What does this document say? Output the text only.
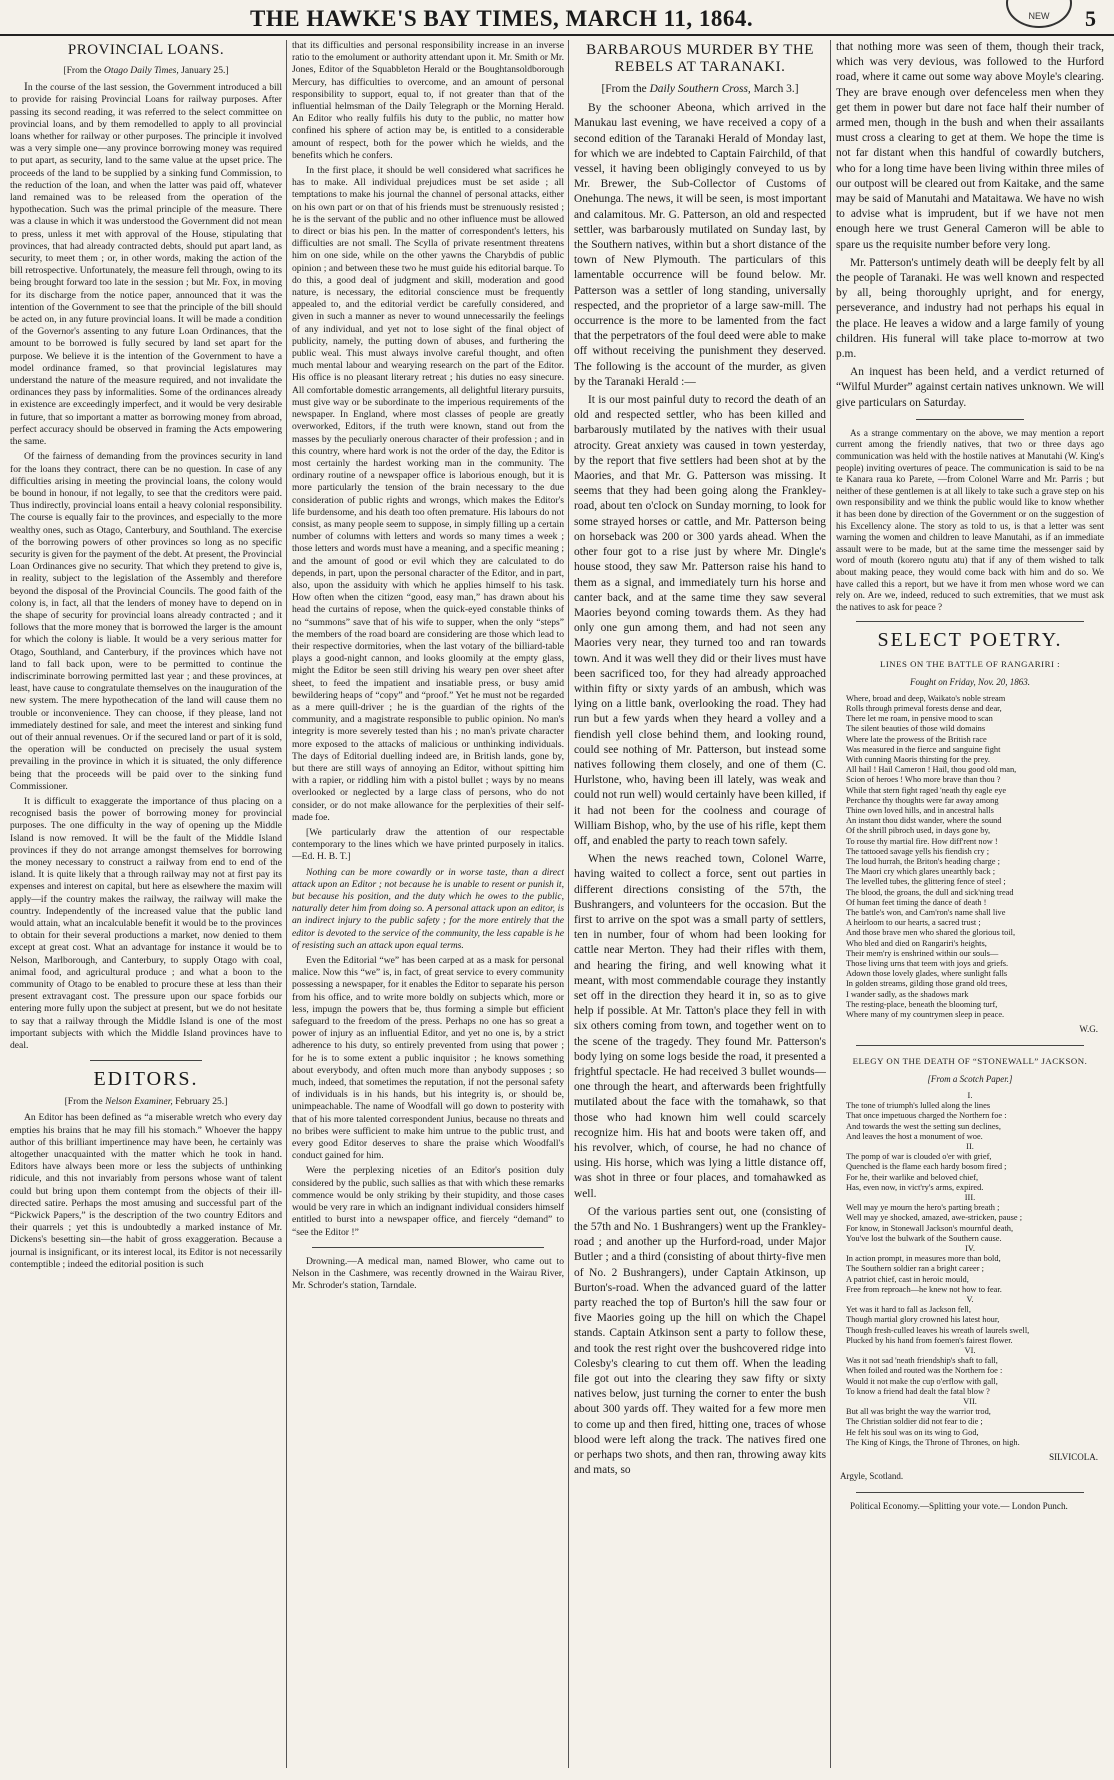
THE HAWKE'S BAY TIMES, MARCH 11, 1864.	NEW	5
PROVINCIAL LOANS.
[From the Otago Daily Times, January 25.]

In the course of the last session, the Government introduced a bill to provide for raising Provincial Loans for railway purposes. After passing its second reading, it was referred to the select committee on provincial loans, and by them remodelled to apply to all provincial loans whether for railway or other purposes. The principle it involved was a very simple one—any province borrowing money was required to put apart, as security, land to the same value at the upset price. The proceeds of the land to be supplied by a sinking fund Commission, to the reduction of the loan, and when the latter was paid off, whatever land remained was to be released from the operation of the hypothecation. Such was the primal principle of the measure. There was a clause in which it was understood the Government did not mean to press, unless it met with approval of the House, stipulating that provinces, that had already contracted debts, should put apart land, as security, to meet them ; or, in other words, making the action of the bill retrospective. Unfortunately, the measure fell through, owing to its being brought forward too late in the session ; but Mr. Fox, in moving for its discharge from the notice paper, announced that it was the intention of the Government to see that the principle of the bill should be acted on, in any future provincial loans. It will be made a condition of the Governor's assenting to any future Loan Ordinances, that the amount to be borrowed is fully secured by land set apart for the purpose. We believe it is the intention of the Government to have a model ordinance framed, so that provincial legislatures may understand the nature of the measure required, and not invalidate the ordinances they pass by informalities. Some of the ordinances already in existence are exceedingly imperfect, and it would be very desirable in future, that so important a matter as borrowing money from abroad, perfect accuracy should be observed in framing the Acts empowering the same.

Of the fairness of demanding from the provinces security in land for the loans they contract, there can be no question. In case of any difficulties arising in meeting the provincial loans, the colony would be bound in honour, if not legally, to see that the creditors were paid. Thus indirectly, provincial loans entail a heavy colonial responsibility. The course is equally fair to the provinces, and especially to the more wealthy ones, such as Otago, Canterbury, and Southland. The exercise of the borrowing powers of other provinces so long as no specific security is given for the payment of the debt. At present, the Provincial Loan Ordinances give no security. That which they pretend to give is, in reality, subject to the legislation of the Assembly and therefore beyond the disposal of the Provincial Councils. The good faith of the colony is, in fact, all that the lenders of money have to depend on in the shape of security for provincial loans already contracted ; and it follows that the more money that is borrowed the larger is the amount for which the colony is liable. It would be a very serious matter for Otago, Southland, and Canterbury, if the provinces which have not land to fall back upon, were to be permitted to continue the indiscriminate borrowing permitted last year ; and these provinces, at least, have cause to congratulate themselves on the inauguration of the new system. The mere hypothecation of the land will cause them no trouble or inconvenience. They can choose, if they please, land not immediately destined for sale, and meet the interest and sinking fund out of their annual revenues. Or if the secured land or part of it is sold, the operation will be conducted on precisely the usual system prevailing in the province in which it is situated, the only difference being that the proceeds will be paid over to the sinking fund Commissioner.

It is difficult to exaggerate the importance of thus placing on a recognised basis the power of borrowing money for provincial purposes. The one difficulty in the way of opening up the Middle Island is now removed. It will be the fault of the Middle Island provinces if they do not arrange amongst themselves for borrowing the money necessary to construct a railway from end to end of the island. It is quite likely that a through railway may not at first pay its expenses and interest on capital, but here as elsewhere the maxim will apply—if the country makes the railway, the railway will make the country. Independently of the increased value that the public land would attain, what an incalculable benefit it would be to the provinces to obtain for their several productions a market, now denied to them except at great cost. What an advantage for instance it would be to Nelson, Marlborough, and Canterbury, to supply Otago with coal, animal food, and agricultural produce ; and what a boon to the community of Otago to be enabled to procure these at less than their present extravagant cost. The pressure upon our space forbids our entering more fully upon the subject at present, but we do not hesitate to say that a railway through the Middle Island is one of the most important subjects with which the Middle Island provinces have to deal.

EDITORS.
[From the Nelson Examiner, February 25.]

An Editor has been defined as “a miserable wretch who every day empties his brains that he may fill his stomach.” Whoever the happy author of this brilliant impertinence may have been, he certainly was altogether unacquainted with the matter which he took in hand. Editors have always been more or less the subjects of unthinking ridicule, and this not invariably from persons whose want of talent could but bring upon them contempt from the objects of their ill-directed satire. Perhaps the most amusing and successful part of the “Pickwick Papers,” is the description of the two country Editors and their quarrels ; yet this is undoubtedly a marked instance of Mr. Dickens's besetting sin—the habit of gross exaggeration. Because a journal is insignificant, or its interest local, its Editor is not necessarily contemptible ; indeed the editorial position is such

that its difficulties and personal responsibility increase in an inverse ratio to the emolument or authority attendant upon it. Mr. Smith or Mr. Jones, Editor of the Squabbleton Herald or the Boughtansoldborough Mercury, has difficulties to overcome, and an amount of personal responsibility to support, equal to, if not greater than that of the influential helmsman of the Daily Telegraph or the Morning Herald. An Editor who really fulfils his duty to the public, no matter how confined his sphere of action may be, is entitled to a considerable amount of respect, both for the power which he wields, and the benefits which he confers.

In the first place, it should be well considered what sacrifices he has to make. All individual prejudices must be set aside ; all temptations to make his journal the channel of personal attacks, either on his own part or on that of his friends must be strenuously resisted ; he is the servant of the public and no other influence must be allowed to direct or bias his pen. In the matter of correspondent's letters, his difficulties are not small. The Scylla of private resentment threatens him on one side, while on the other yawns the Charybdis of public opinion ; and between these two he must guide his editorial barque. To do this, a good deal of judgment and skill, moderation and good nature, is necessary, the editorial conscience must be frequently appealed to, and the editorial verdict be carefully considered, and given in such a manner as never to wound unnecessarily the feelings of any individual, and yet not to lose sight of the final object of publicity, namely, the putting down of abuses, and furthering the public weal. This must always involve careful thought, and often much mental labour and wearying research on the part of the Editor. His office is no pleasant literary retreat ; his duties no easy sinecure. All comfortable domestic arrangements, all delightful literary pursuits, must give way or be subordinate to the imperious requirements of the newspaper. In England, where most classes of people are greatly overworked, Editors, if the truth were known, stand out from the masses by the peculiarly onerous character of their profession ; and in this country, where hard work is not the order of the day, the Editor is most certainly the hardest working man in the community. The ordinary routine of a newspaper office is laborious enough, but it is more particularly the tension of the brain necessary to the due consideration of public rights and wrongs, which makes the Editor's life burdensome, and his death too often premature. His labours do not consist, as many people seem to suppose, in simply filling up a certain number of columns with letters and words so many times a week ; those letters and words must have a meaning, and a specific meaning ; and the amount of good or evil which they are calculated to do depends, in part, upon the personal character of the Editor, and in part, also, upon the assiduity with which he applies himself to his task. How often when the citizen “good, easy man,” has drawn about his head the curtains of repose, when the quick-eyed constable thinks of no “summons” save that of his wife to supper, when the only “steps” the members of the road board are considering are those which lead to their respective dormitories, when the last votary of the billiard-table plays a good-night cannon, and looks gloomily at the empty glass, might the Editor be seen still driving his weary pen over sheet after sheet, to feed the impatient and insatiable press, or busy amid bewildering heaps of “copy” and “proof.” Yet he must not be regarded as a mere quill-driver ; he is the guardian of the rights of the community, and a magistrate responsible to public opinion. No man's integrity is more severely tested than his ; no man's private character more exposed to the attacks of malicious or unthinking individuals. The days of Editorial duelling indeed are, in British lands, gone by, but there are still ways of annoying an Editor, without spitting him with a rapier, or riddling him with a pistol bullet ; ways by no means overlooked or neglected by a large class of persons, who do not consider, or do not make allowance for the perplexities of their self-made foe.

[We particularly draw the attention of our respectable contemporary to the lines which we have printed purposely in italics.—Ed. H. B. T.]

Nothing can be more cowardly or in worse taste, than a direct attack upon an Editor ; not because he is unable to resent or punish it, but because his position, and the duty which he owes to the public, naturally deter him from doing so. A personal attack upon an editor, is an indirect injury to the public safety ; for the more entirely that the editor is devoted to the service of the community, the less capable is he of resisting such an attack upon equal terms.

Even the Editorial “we” has been carped at as a mask for personal malice. Now this “we” is, in fact, of great service to every community possessing a newspaper, for it enables the Editor to separate his person from his office, and to write more boldly on subjects which, more or less, impugn the powers that be, thus forming a simple but efficient safeguard to the freedom of the press. Perhaps no one has so great a power of injury as an influential Editor, and yet no one is, by a strict adherence to his duty, so entirely prevented from using that power ; for he is to some extent a public inquisitor ; he knows something about everybody, and often much more than anybody supposes ; so much, indeed, that sometimes the reputation, if not the personal safety of individuals is in his hands, but his integrity is, or should be, unimpeachable. The name of Woodfall will go down to posterity with that of his more talented correspondent Junius, because no threats and no bribes were sufficient to make him untrue to the public trust, and every good Editor deserves to share the praise which Woodfall's conduct gained for him.

Were the perplexing niceties of an Editor's position duly considered by the public, such sallies as that with which these remarks commence would be only striking by their stupidity, and those cases would be very rare in which an indignant individual considers himself entitled to burst into a newspaper office, and fiercely “demand” to “see the Editor !”

Drowning.—A medical man, named Blower, who came out to Nelson in the Cashmere, was recently drowned in the Wairau River, Mr. Schroder's station, Tarndale.

BARBAROUS MURDER BY THE REBELS AT TARANAKI.
[From the Daily Southern Cross, March 3.]

By the schooner Abeona, which arrived in the Manukau last evening, we have received a copy of a second edition of the Taranaki Herald of Monday last, for which we are indebted to Captain Fairchild, of that vessel, it having been obligingly conveyed to us by Mr. Brewer, the Sub-Collector of Customs of Onehunga. The news, it will be seen, is most important and calamitous. Mr. G. Patterson, an old and respected settler, was barbarously mutilated on Sunday last, by the Southern natives, within but a short distance of the town of New Plymouth. The particulars of this lamentable occurrence will be found below. Mr. Patterson was a settler of long standing, universally respected, and the proprietor of a large saw-mill. The occurrence is the more to be lamented from the fact that the perpetrators of the foul deed were able to make off without receiving the punishment they deserved. The following is the account of the murder, as given by the Taranaki Herald :—

It is our most painful duty to record the death of an old and respected settler, who has been killed and barbarously mutilated by the natives with their usual atrocity. Great anxiety was caused in town yesterday, by the report that five settlers had been shot at by the Maories, and that Mr. G. Patterson was missing. It seems that they had been going along the Frankley-road, about ten o'clock on Sunday morning, to look for some strayed horses or cattle, and Mr. Patterson being on horseback was 200 or 300 yards ahead. When the other four got to a rise just by where Mr. Dingle's house stood, they saw Mr. Patterson raise his hand to them as a signal, and immediately turn his horse and canter back, and at the same time they saw several Maories beyond coming towards them. As they had only one gun among them, and had not seen any Maories very near, they turned too and ran towards town. And it was well they did or their lives must have been sacrificed too, for they had already approached within fifty or sixty yards of an ambush, which was lying on a little bank, overlooking the road. They had run but a few yards when they heard a volley and a fiendish yell close behind them, and looking round, could see nothing of Mr. Patterson, but instead some natives following them closely, and one of them (C. Hurlstone, who, having been ill lately, was weak and could not run well) would certainly have been killed, if it had not been for the coolness and courage of William Bishop, who, by the use of his rifle, kept them off, and enabled the party to reach town safely.

When the news reached town, Colonel Warre, having waited to collect a force, sent out parties in different directions consisting of the 57th, the Bushrangers, and volunteers for the occasion. But the first to arrive on the spot was a small party of settlers, ten in number, four of whom had been looking for cattle near Merton. They had their rifles with them, and hearing the firing, and well knowing what it meant, with most commendable courage they instantly set off in the direction they heard it in, so as to give help if possible. At Mr. Tatton's place they fell in with six others coming from town, and together went on to the scene of the tragedy. They found Mr. Patterson's body lying on some logs beside the road, it presented a frightful spectacle. He had received 3 bullet wounds—one through the heart, and afterwards been frightfully mutilated about the face with the tomahawk, so that those who had known him well could scarcely recognize him. His hat and boots were taken off, and his revolver, which, of course, he had no chance of using. His horse, which was lying a little distance off, was shot in three or four places, and tomahawked as well.

Of the various parties sent out, one (consisting of the 57th and No. 1 Bushrangers) went up the Frankley-road ; and another up the Hurford-road, under Major Butler ; and a third (consisting of about thirty-five men of No. 2 Bushrangers), under Captain Atkinson, up Burton's-road. When the advanced guard of the latter party reached the top of Burton's hill the saw four or five Maories going up the hill on which the Chapel stands. Captain Atkinson sent a party to follow these, and took the rest right over the bushcovered ridge into Colesby's clearing to cut them off. When the leading file got out into the clearing they saw fifty or sixty natives below, just turning the corner to enter the bush about 300 yards off. They waited for a few more men to come up and then fired, hitting one, traces of whose blood were left along the track. The natives fired one or perhaps two shots, and then ran, throwing away kits and mats, so

that nothing more was seen of them, though their track, which was very devious, was followed to the Hurford road, where it came out some way above Moyle's clearing. They are brave enough over defenceless men when they get them in power but dare not face half their number of armed men, though in the bush and when their assailants must cross a clearing to get at them. We hope the time is not far distant when this handful of cowardly butchers, who for a long time have been living within three miles of our outpost will be cleared out from Kaitake, and the same may be said of Manutahi and Mataitawa. We have no wish to advise what is imprudent, but if we have not men enough here we trust General Cameron will be able to spare us the requisite number before very long.

Mr. Patterson's untimely death will be deeply felt by all the people of Taranaki. He was well known and respected by all, being thoroughly upright, and for energy, perseverance, and industry had not perhaps his equal in the place. He leaves a widow and a large family of young children. His funeral will take place to-morrow at two p.m.

An inquest has been held, and a verdict returned of “Wilful Murder” against certain natives unknown. We will give particulars on Saturday.

As a strange commentary on the above, we may mention a report current among the friendly natives, that two or three days ago communication was held with the hostile natives at Manutahi (W. King's people) inviting overtures of peace. The communication is said to be na te Kanara raua ko Parete, —from Colonel Warre and Mr. Parris ; but neither of these gentlemen is at all likely to take such a grave step on his own responsibility and we think the public would like to know whether it has been done by direction of the Government or on the suggestion of his Excellency alone. The story as told to us, is that a letter was sent warning the women and children to leave Manutahi, as if an immediate assault were to be made, but at the same time the messenger said by word of mouth (korero ngutu atu) that if any of them wished to talk about making peace, they would come back with him and do so. We have called this a report, but we have it from men whose word we can rely on. Are we, indeed, reduced to such extremities, that we must ask the natives to ask for peace ?

SELECT POETRY.
LINES ON THE BATTLE OF RANGARIRI :
Fought on Friday, Nov. 20, 1863.
Where, broad and deep, Waikato's noble stream
Rolls through primeval forests dense and dear,
There let me roam, in pensive mood to scan
The silent beauties of those wild domains
Where late the prowess of the British race
Was measured in the fierce and sanguine fight
With cunning Maoris thirsting for the prey.
All hail ! Hail Cameron ! Hail, thou good old man,
Scion of heroes ! Who more brave than thou ?
While that stern fight raged 'neath thy eagle eye
Perchance thy thoughts were far away among
Thine own loved hills, and in ancestral halls
An instant thou didst wander, where the sound
Of the shrill pibroch used, in days gone by,
To rouse thy martial fire. How diff'rent now !
The tattooed savage yells his fiendish cry ;
The loud hurrah, the Briton's heading charge ;
The Maori cry which glares unearthly back ;
The levelled tubes, the glittering fence of steel ;
The blood, the groans, the dull and sick'ning tread
Of human feet timing the dance of death !
The battle's won, and Cam'ron's name shall live
A heirloom to our hearts, a sacred trust ;
And those brave men who shared the glorious toil,
Who bled and died on Rangariri's heights,
Their mem'ry is enshrined within our souls—
Those living urns that teem with joys and griefs.
Adown those lovely glades, where sunlight falls
In golden streams, gilding those grand old trees,
I wander sadly, as the shadows mark
The resting-place, beneath the blooming turf,
Where many of my countrymen sleep in peace.
W.G.
ELEGY ON THE DEATH OF “STONEWALL” JACKSON.
[From a Scotch Paper.]
I.
The tone of triumph's lulled along the lines
That once impetuous charged the Northern foe :
And towards the west the setting sun declines,
And leaves the host a monument of woe.
II.
The pomp of war is clouded o'er with grief,
Quenched is the flame each hardy bosom fired ;
For he, their warlike and beloved chief,
Has, even now, in vict'ry's arms, expired.
III.
Well may ye mourn the hero's parting breath ;
Well may ye shocked, amazed, awe-stricken, pause ;
For know, in Stonewall Jackson's mournful death,
You've lost the bulwark of the Southern cause.
IV.
In action prompt, in measures more than bold,
The Southern soldier ran a bright career ;
A patriot chief, cast in heroic mould,
Free from reproach—he knew not how to fear.
V.
Yet was it hard to fall as Jackson fell,
Though martial glory crowned his latest hour,
Though fresh-culled leaves his wreath of laurels swell,
Plucked by his hand from foemen's fairest flower.
VI.
Was it not sad 'neath friendship's shaft to fall,
When foiled and routed was the Northern foe :
Would it not make the cup o'erflow with gall,
To know a friend had dealt the fatal blow ?
VII.
But all was bright the way the warrior trod,
The Christian soldier did not fear to die ;
He felt his soul was on its wing to God,
The King of Kings, the Throne of Thrones, on high.
SILVICOLA.
Argyle, Scotland.

Political Economy.—Splitting your vote.— London Punch.
